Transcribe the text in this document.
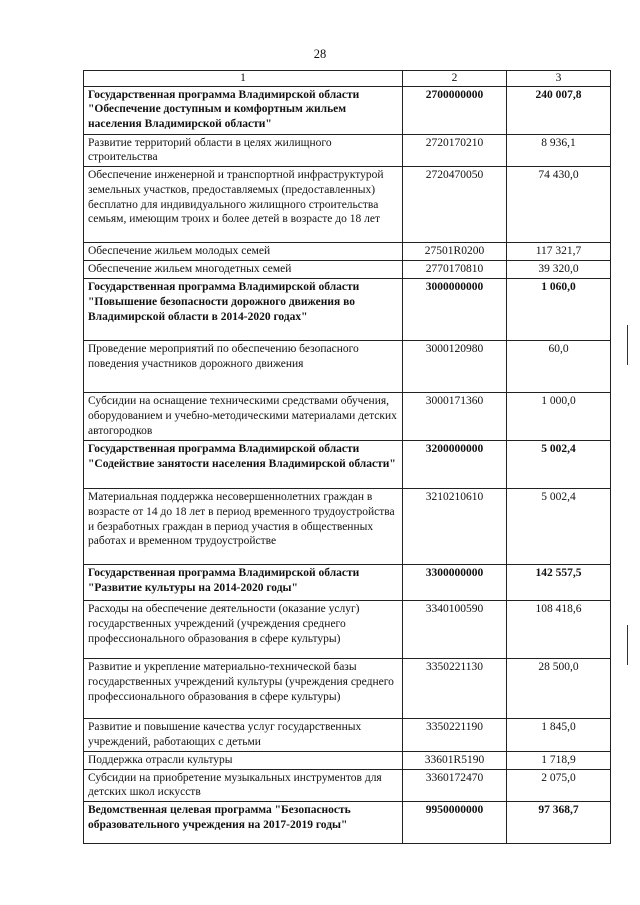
28
1	2	3
Государственная программа Владимирской области "Обеспечение доступным и комфортным жильем населения Владимирской области"	2700000000	240 007,8
Развитие территорий области в целях жилищного строительства	2720170210	8 936,1
Обеспечение инженерной и транспортной инфраструктурой земельных участков, предоставляемых (предоставленных) бесплатно для индивидуального жилищного строительства семьям, имеющим троих и более детей в возрасте до 18 лет	2720470050	74 430,0
Обеспечение жильем молодых семей	27501R0200	117 321,7
Обеспечение жильем многодетных семей	2770170810	39 320,0
Государственная программа Владимирской области "Повышение безопасности дорожного движения во Владимирской области в 2014-2020 годах"	3000000000	1 060,0
Проведение мероприятий по обеспечению безопасного поведения участников дорожного движения	3000120980	60,0
Субсидии на оснащение техническими средствами обучения, оборудованием и учебно-методическими материалами детских автогородков	3000171360	1 000,0
Государственная программа Владимирской области "Содействие занятости населения Владимирской области"	3200000000	5 002,4
Материальная поддержка несовершеннолетних граждан в возрасте от 14 до 18 лет в период временного трудоустройства и безработных граждан в период участия в общественных работах и временном трудоустройстве	3210210610	5 002,4
Государственная программа Владимирской области "Развитие культуры на 2014-2020 годы"	3300000000	142 557,5
Расходы на обеспечение деятельности (оказание услуг) государственных учреждений (учреждения среднего профессионального образования в сфере культуры)	3340100590	108 418,6
Развитие и укрепление материально-технической базы государственных учреждений культуры (учреждения среднего профессионального образования в сфере культуры)	3350221130	28 500,0
Развитие и повышение качества услуг государственных учреждений, работающих с детьми	3350221190	1 845,0
Поддержка отрасли культуры	33601R5190	1 718,9
Субсидии на приобретение музыкальных инструментов для детских школ искусств	3360172470	2 075,0
Ведомственная целевая программа "Безопасность образовательного учреждения на 2017-2019 годы"	9950000000	97 368,7
